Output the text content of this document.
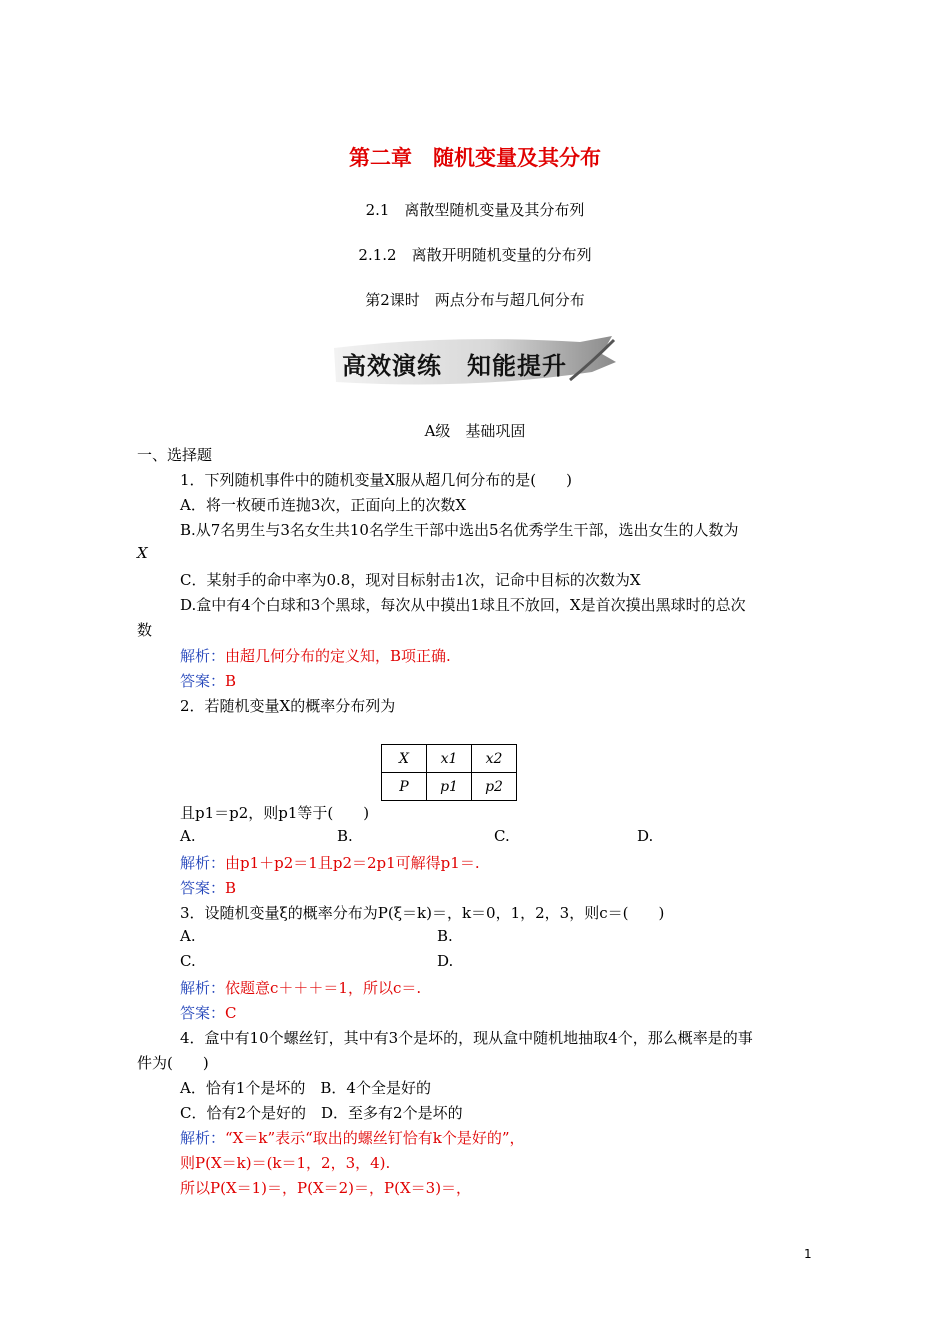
第二章　随机变量及其分布
2.1　离散型随机变量及其分布列
2.1.2　离散开明随机变量的分布列
第2课时　两点分布与超几何分布
高效演练　知能提升
A级　基础巩固
一、选择题
1．下列随机事件中的随机变量X服从超几何分布的是(　　)
A．将一枚硬币连抛3次，正面向上的次数X
B.从7名男生与3名女生共10名学生干部中选出5名优秀学生干部，选出女生的人数为
X
C．某射手的命中率为0.8，现对目标射击1次，记命中目标的次数为X
D.盒中有4个白球和3个黑球，每次从中摸出1球且不放回，X是首次摸出黑球时的总次
数
解析：由超几何分布的定义知，B项正确.
答案：B
2．若随机变量X的概率分布列为
X	x1	x2
P	p1	p2
且p1＝p2，则p1等于(　　)
A.	B.	C.	D.
解析：由p1＋p2＝1且p2＝2p1可解得p1＝.
答案：B
3．设随机变量ξ的概率分布为P(ξ＝k)＝，k＝0，1，2，3，则c＝(　　)
A.	B.
C.	D.
解析：依题意c＋＋＋＝1，所以c＝.
答案：C
4．盒中有10个螺丝钉，其中有3个是坏的，现从盒中随机地抽取4个，那么概率是的事
件为(　　)
A．恰有1个是坏的　B．4个全是好的
C．恰有2个是好的　D．至多有2个是坏的
解析：“X＝k”表示“取出的螺丝钉恰有k个是好的”，
则P(X＝k)＝(k＝1，2，3，4).
所以P(X＝1)＝，P(X＝2)＝，P(X＝3)＝，
1
